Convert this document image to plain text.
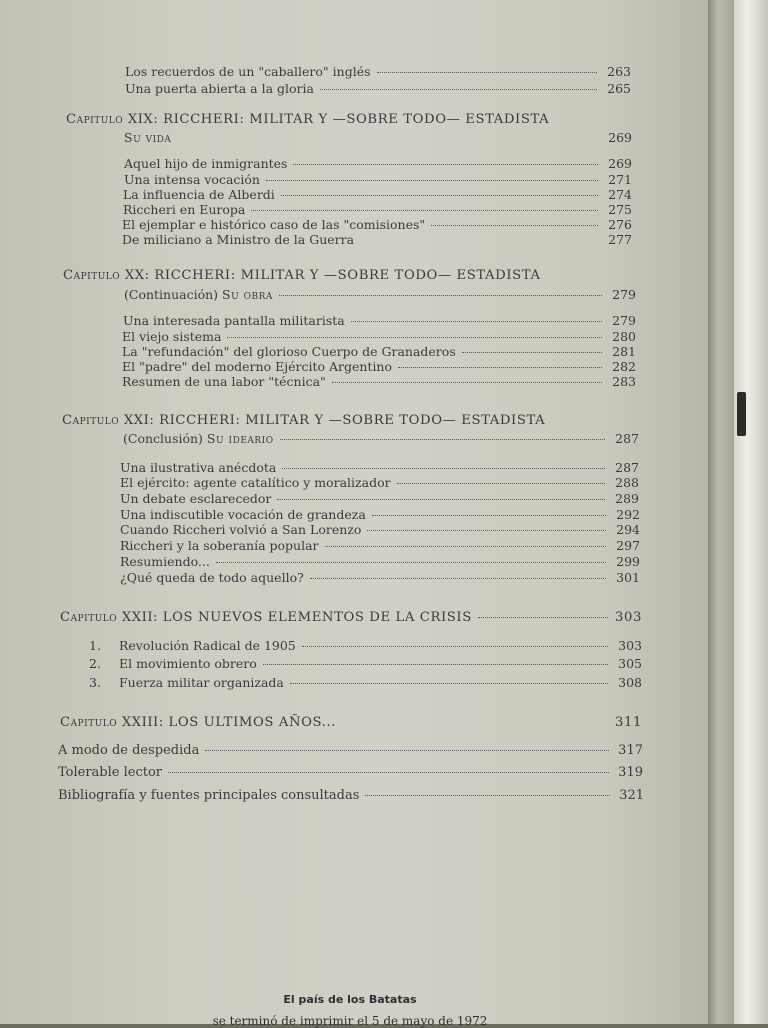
Los recuerdos de un "caballero" inglés	263
Una puerta abierta a la gloria	265
Capitulo XIX: RICCHERI: MILITAR Y —SOBRE TODO— ESTADISTA
Su vida	269
Aquel hijo de inmigrantes	269
Una intensa vocación	271
La influencia de Alberdi	274
Riccheri en Europa	275
El ejemplar e histórico caso de las "comisiones"	276
De miliciano a Ministro de la Guerra	277
Capitulo XX: RICCHERI: MILITAR Y —SOBRE TODO— ESTADISTA
(Continuación) Su obra	279
Una interesada pantalla militarista	279
El viejo sistema	280
La "refundación" del glorioso Cuerpo de Granaderos	281
El "padre" del moderno Ejército Argentino	282
Resumen de una labor "técnica"	283
Capitulo XXI: RICCHERI: MILITAR Y —SOBRE TODO— ESTADISTA
(Conclusión) Su ideario	287
Una ilustrativa anécdota	287
El ejército: agente catalítico y moralizador	288
Un debate esclarecedor	289
Una indiscutible vocación de grandeza	292
Cuando Riccheri volvió a San Lorenzo	294
Riccheri y la soberanía popular	297
Resumiendo...	299
¿Qué queda de todo aquello?	301
Capitulo XXII: LOS NUEVOS ELEMENTOS DE LA CRISIS	303
1. Revolución Radical de 1905	303
2. El movimiento obrero	305
3. Fuerza militar organizada	308
Capitulo XXIII: LOS ULTIMOS AÑOS...	311
A modo de despedida	317
Tolerable lector	319
Bibliografía y fuentes principales consultadas	321
El país de los Batatas
se terminó de imprimir el 5 de mayo de 1972
